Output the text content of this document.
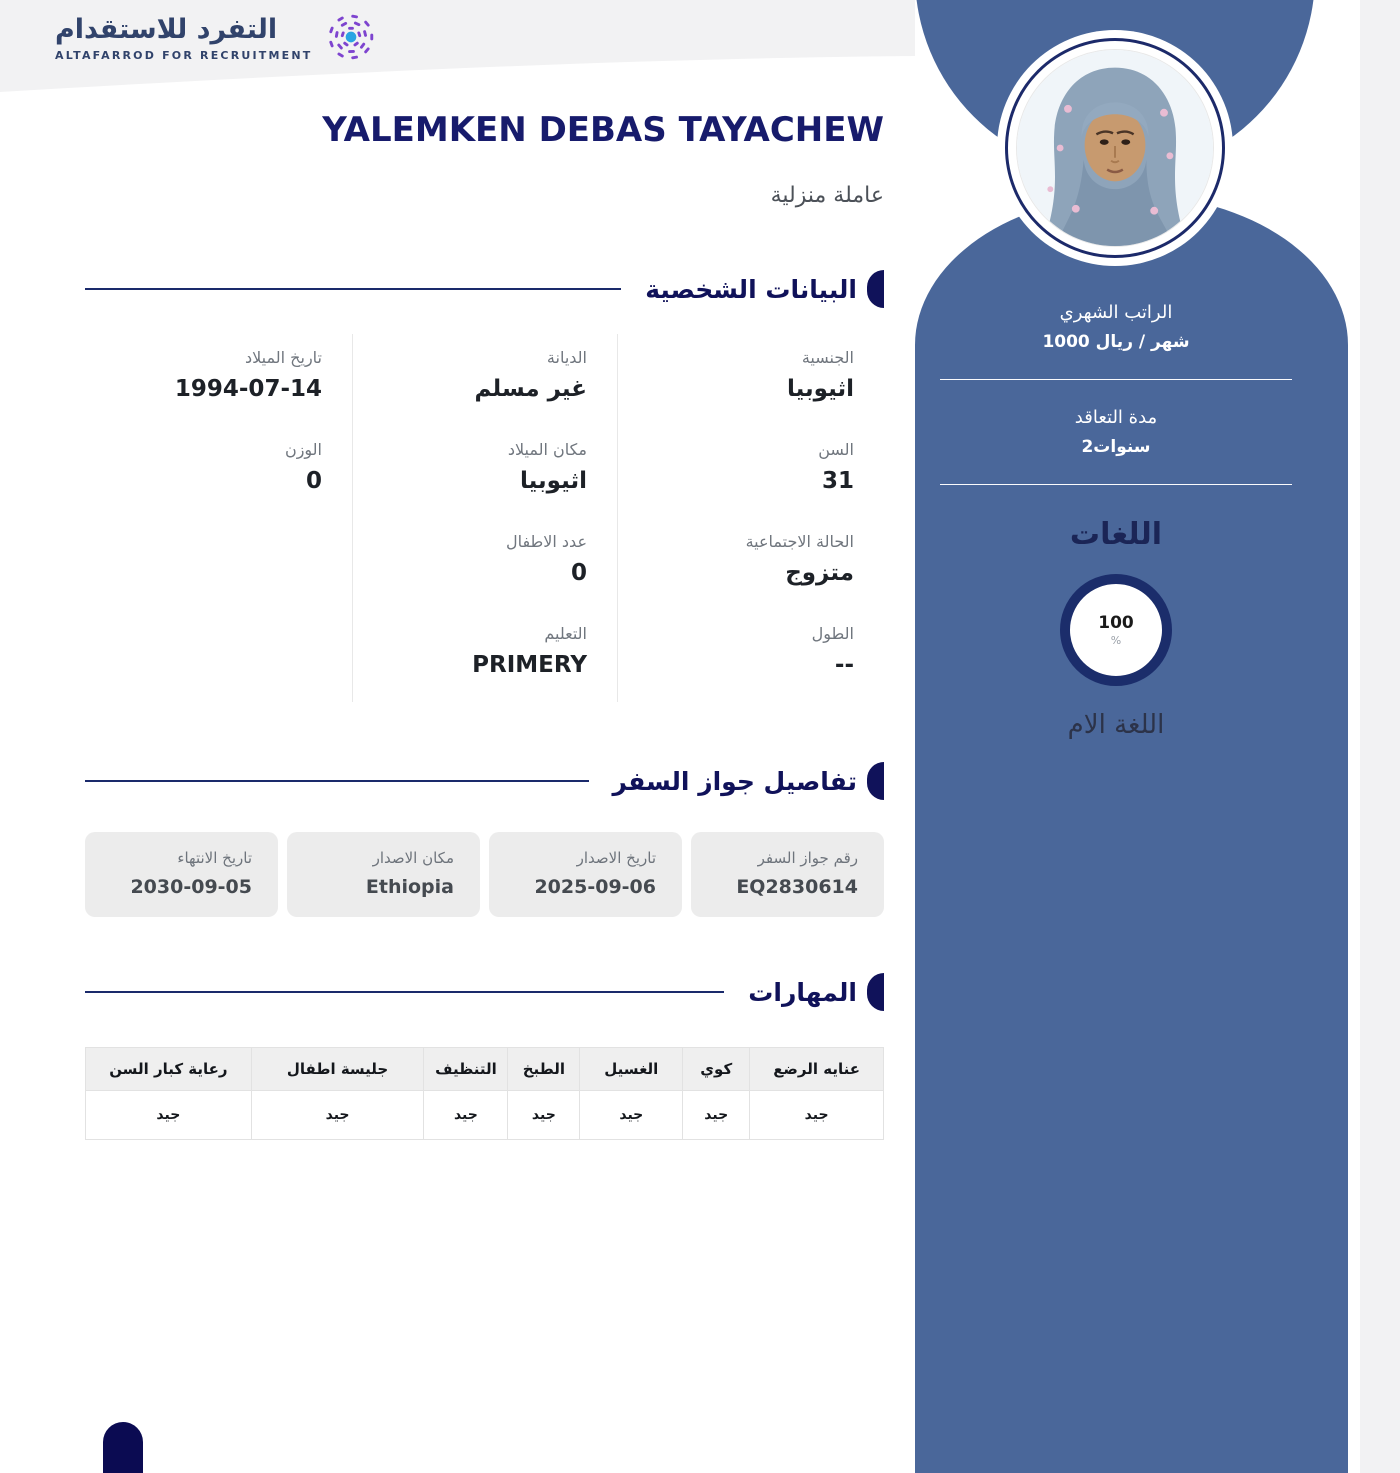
التفرد للاستقدام
ALTAFARROD FOR RECRUITMENT
YALEMKEN DEBAS TAYACHEW
عاملة منزلية
البيانات الشخصية
الجنسية
اثيوبيا
السن
31
الحالة الاجتماعية
متزوج
الطول
--
الديانة
غير مسلم
مكان الميلاد
اثيوبيا
عدد الاطفال
0
التعليم
PRIMERY
تاريخ الميلاد
1994-07-14
الوزن
0
تفاصيل جواز السفر
رقم جواز السفر
EQ2830614
تاريخ الاصدار
2025-09-06
مكان الاصدار
Ethiopia
تاريخ الانتهاء
2030-09-05
المهارات
عنايه الرضع	كوي	الغسيل	الطبخ	التنظيف	جليسة اطفال	رعاية كبار السن
جيد	جيد	جيد	جيد	جيد	جيد	جيد
الراتب الشهري
1000 ريال‎ / شهر
مدة التعاقد
2سنوات
اللغات
100
%
اللغة الام
